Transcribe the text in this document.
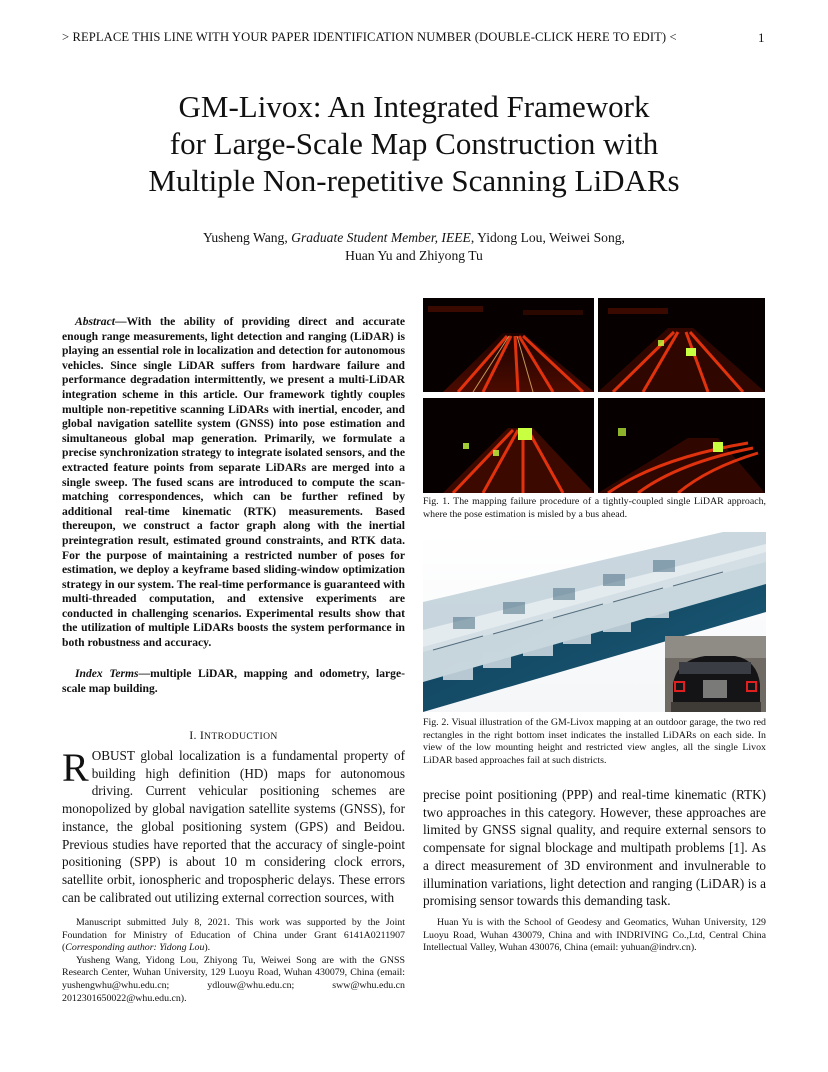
> REPLACE THIS LINE WITH YOUR PAPER IDENTIFICATION NUMBER (DOUBLE-CLICK HERE TO EDIT) <	1
GM-Livox: An Integrated Framework
for Large-Scale Map Construction with
Multiple Non-repetitive Scanning LiDARs
Yusheng Wang, Graduate Student Member, IEEE, Yidong Lou, Weiwei Song,
Huan Yu and Zhiyong Tu
Abstract—With the ability of providing direct and accurate enough range measurements, light detection and ranging (LiDAR) is playing an essential role in localization and detection for autonomous vehicles. Since single LiDAR suffers from hardware failure and performance degradation intermittently, we present a multi-LiDAR integration scheme in this article. Our framework tightly couples multiple non-repetitive scanning LiDARs with inertial, encoder, and global navigation satellite system (GNSS) into pose estimation and simultaneous global map generation. Primarily, we formulate a precise synchronization strategy to integrate isolated sensors, and the extracted feature points from separate LiDARs are merged into a single sweep. The fused scans are introduced to compute the scan-matching correspondences, which can be further refined by additional real-time kinematic (RTK) measurements. Based thereupon, we construct a factor graph along with the inertial preintegration result, estimated ground constraints, and RTK data. For the purpose of maintaining a restricted number of poses for estimation, we deploy a keyframe based sliding-window optimization strategy in our system. The real-time performance is guaranteed with multi-threaded computation, and extensive experiments are conducted in challenging scenarios. Experimental results show that the utilization of multiple LiDARs boosts the system performance in both robustness and accuracy.
Index Terms—multiple LiDAR, mapping and odometry, large-scale map building.
I. INTRODUCTION
ROBUST global localization is a fundamental property of building high definition (HD) maps for autonomous driving. Current vehicular positioning schemes are monopolized by global navigation satellite systems (GNSS), for instance, the global positioning system (GPS) and Beidou. Previous studies have reported that the accuracy of single-point positioning (SPP) is about 10 m considering clock errors, satellite orbit, ionospheric and tropospheric delays. These errors can be calibrated out utilizing external correction sources, with
precise point positioning (PPP) and real-time kinematic (RTK) two approaches in this category. However, these approaches are limited by GNSS signal quality, and require external sensors to compensate for signal blockage and multipath problems [1]. As a direct measurement of 3D environment and invulnerable to illumination variations, light detection and ranging (LiDAR) is a promising sensor towards this demanding task.
Fig. 1. The mapping failure procedure of a tightly-coupled single LiDAR approach, where the pose estimation is misled by a bus ahead.
Fig. 2. Visual illustration of the GM-Livox mapping at an outdoor garage, the two red rectangles in the right bottom inset indicates the installed LiDARs on each side. In view of the low mounting height and restricted view angles, all the single Livox LiDAR based approaches fail at such districts.

Manuscript submitted July 8, 2021. This work was supported by the Joint Foundation for Ministry of Education of China under Grant 6141A0211907 (Corresponding author: Yidong Lou).

Yusheng Wang, Yidong Lou, Zhiyong Tu, Weiwei Song are with the GNSS Research Center, Wuhan University, 129 Luoyu Road, Wuhan 430079, China (email: yushengwhu@whu.edu.cn; ydlouw@whu.edu.cn; sww@whu.edu.cn 2012301650022@whu.edu.cn).

Huan Yu is with the School of Geodesy and Geomatics, Wuhan University, 129 Luoyu Road, Wuhan 430079, China and with INDRIVING Co.,Ltd, Central China Intellectual Valley, Wuhan 430076, China (email: yuhuan@indrv.cn).
